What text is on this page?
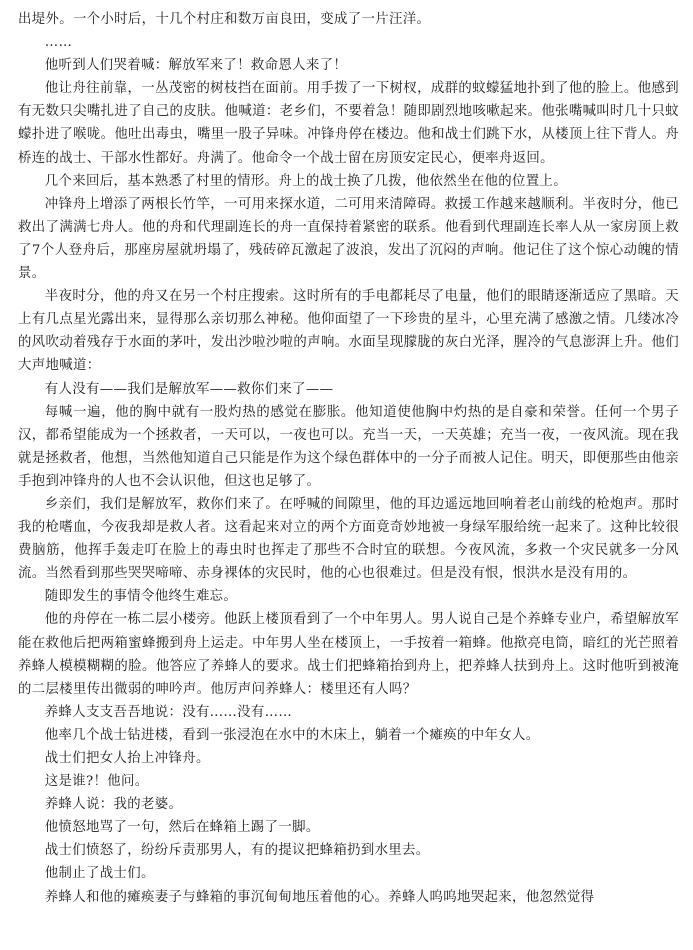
出堤外。一个小时后，十几个村庄和数万亩良田，变成了一片汪洋。

……

他听到人们哭着喊：解放军来了！救命恩人来了！

他让舟往前靠，一丛茂密的树枝挡在面前。用手拨了一下树杈，成群的蚊蠓猛地扑到了他的脸上。他感到有无数只尖嘴扎进了自己的皮肤。他喊道：老乡们，不要着急！随即剧烈地咳嗽起来。他张嘴喊叫时几十只蚊蠓扑进了喉咙。他吐出毒虫，嘴里一股子异味。冲锋舟停在楼边。他和战士们跳下水，从楼顶上往下背人。舟桥连的战士、干部水性都好。舟满了。他命令一个战士留在房顶安定民心，便率舟返回。

几个来回后，基本熟悉了村里的情形。舟上的战士换了几拨，他依然坐在他的位置上。

冲锋舟上增添了两根长竹竿，一可用来探水道，二可用来清障碍。救援工作越来越顺利。半夜时分，他已救出了满满七舟人。他的舟和代理副连长的舟一直保持着紧密的联系。他看到代理副连长率人从一家房顶上救了7个人登舟后，那座房屋就坍塌了，残砖碎瓦激起了波浪，发出了沉闷的声响。他记住了这个惊心动魄的情景。

半夜时分，他的舟又在另一个村庄搜索。这时所有的手电都耗尽了电量，他们的眼睛逐渐适应了黑暗。天上有几点星光露出来，显得那么亲切那么神秘。他仰面望了一下珍贵的星斗，心里充满了感激之情。几缕冰冷的风吹动着残存于水面的茅叶，发出沙啦沙啦的声响。水面呈现朦胧的灰白光泽，腥冷的气息澎湃上升。他们大声地喊道：

有人没有——我们是解放军——救你们来了——

每喊一遍，他的胸中就有一股灼热的感觉在膨胀。他知道使他胸中灼热的是自豪和荣誉。任何一个男子汉，都希望能成为一个拯救者，一天可以，一夜也可以。充当一天，一天英雄；充当一夜，一夜风流。现在我就是拯救者，他想，当然他知道自己只能是作为这个绿色群体中的一分子而被人记住。明天，即便那些由他亲手抱到冲锋舟的人也不会认识他，但这也足够了。

乡亲们，我们是解放军，救你们来了。在呼喊的间隙里，他的耳边遥远地回响着老山前线的枪炮声。那时我的枪嗜血，今夜我却是救人者。这看起来对立的两个方面竟奇妙地被一身绿军服给统一起来了。这种比较很费脑筋，他挥手轰走叮在脸上的毒虫时也挥走了那些不合时宜的联想。今夜风流，多救一个灾民就多一分风流。当然看到那些哭哭啼啼、赤身裸体的灾民时，他的心也很难过。但是没有恨，恨洪水是没有用的。

随即发生的事情令他终生难忘。

他的舟停在一栋二层小楼旁。他跃上楼顶看到了一个中年男人。男人说自己是个养蜂专业户，希望解放军能在救他后把两箱蜜蜂搬到舟上运走。中年男人坐在楼顶上，一手按着一箱蜂。他揿亮电筒，暗红的光芒照着养蜂人模模糊糊的脸。他答应了养蜂人的要求。战士们把蜂箱抬到舟上，把养蜂人扶到舟上。这时他听到被淹的二层楼里传出微弱的呻吟声。他厉声问养蜂人：楼里还有人吗？

养蜂人支支吾吾地说：没有……没有……

他率几个战士钻进楼，看到一张浸泡在水中的木床上，躺着一个瘫痪的中年女人。

战士们把女人抬上冲锋舟。

这是谁?！他问。

养蜂人说：我的老婆。

他愤怒地骂了一句，然后在蜂箱上踢了一脚。

战士们愤怒了，纷纷斥责那男人，有的提议把蜂箱扔到水里去。

他制止了战士们。

养蜂人和他的瘫痪妻子与蜂箱的事沉甸甸地压着他的心。养蜂人呜呜地哭起来，他忽然觉得
